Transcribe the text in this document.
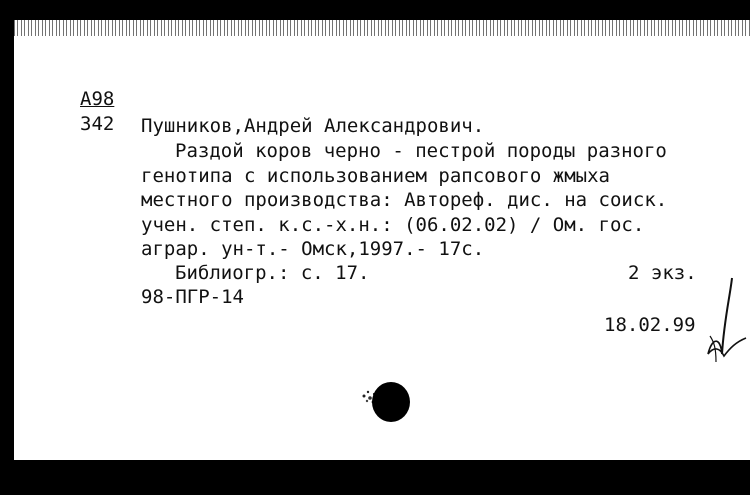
А98
342 Пушников,Андрей Александрович.
Раздой коров черно - пестрой породы разного
генотипа с использованием рапсового жмыха
местного производства: Автореф. дис. на соиск.
учен. степ. к.с.-х.н.: (06.02.02) / Ом. гос.
аграр. ун-т.- Омск,1997.- 17с.
Библиогр.: с. 17.	2 экз.
98-ПГР-14
18.02.99
